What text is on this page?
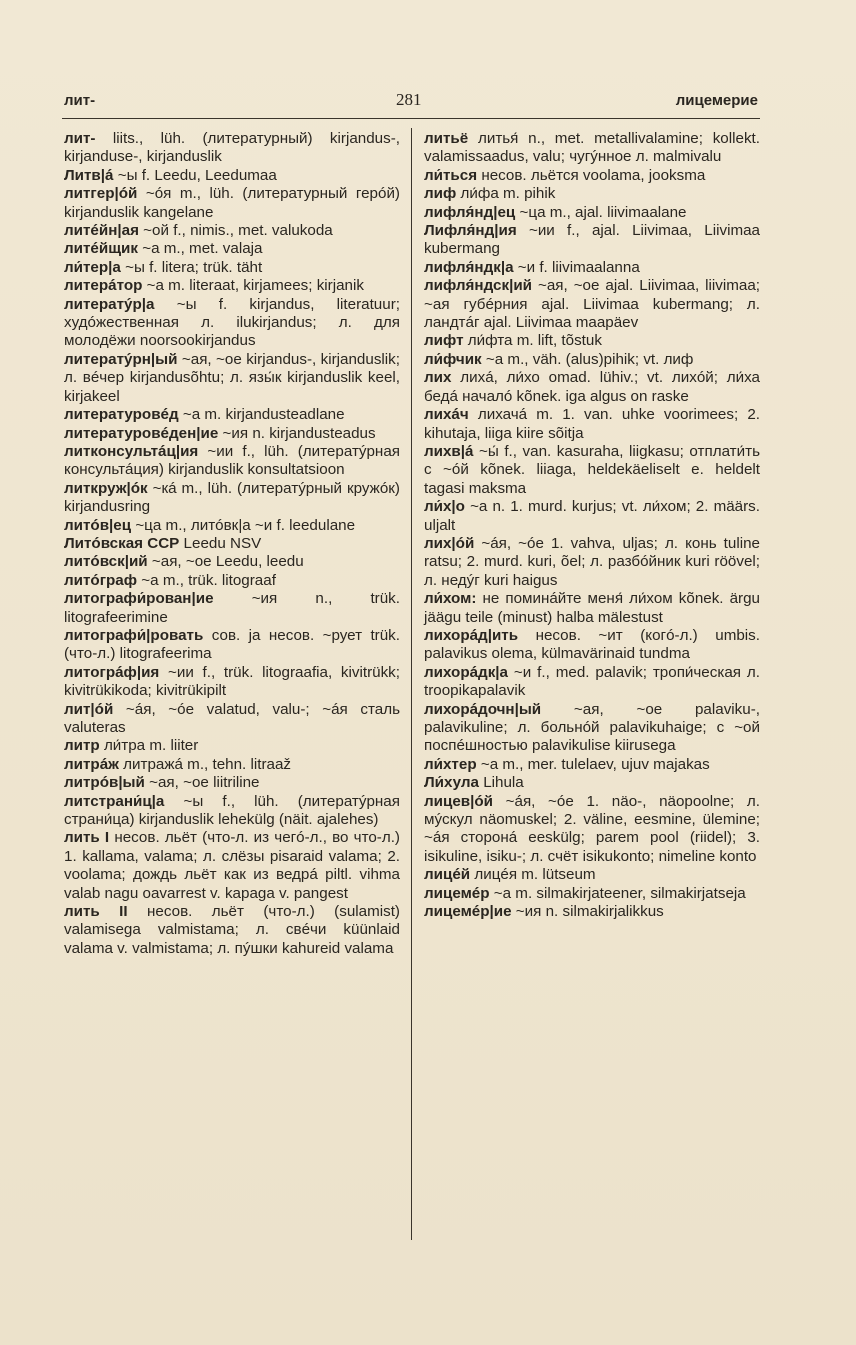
лит-	281	лицемерие

лит- liits., lüh. (литературный) kirjandus-, kirjanduse-, kirjanduslik

Литв|á ~ы f. Leedu, Leedumaa

литгер|óй ~óя m., lüh. (литературный герóй) kirjanduslik kangelane

литéйн|ая ~ой f., nimis., met. valukoda

литéйщик ~а m., met. valaja

ли́тер|а ~ы f. litera; trük. täht

литерáтор ~а m. literaat, kirjamees; kirjanik

литератýр|а ~ы f. kirjandus, literatuur; худóжественная л. ilukirjandus; л. для молодёжи noorsookirjandus

литератýрн|ый ~ая, ~ое kirjandus-, kirjanduslik; л. вéчер kirjandusõhtu; л. язы́к kirjanduslik keel, kirjakeel

литературовéд ~а m. kirjandusteadlane

литературовéден|ие ~ия n. kirjandusteadus

литконсультáц|ия ~ии f., lüh. (литератýрная консультáция) kirjanduslik konsultatsioon

литкруж|óк ~кá m., lüh. (литератýрный кружóк) kirjandusring

литóв|ец ~ца m., литóвк|а ~и f. leedulane

Литóвская ССР Leedu NSV

литóвск|ий ~ая, ~ое Leedu, leedu

литóграф ~а m., trük. litograaf

литографи́рован|ие	~ия n., trük. litografeerimine

литографи́|ровать сов. ja несов. ~рует trük. (что-л.) litografeerima

литогрáф|ия ~ии f., trük. litograafia, kivitrükk; kivitrükikoda; kivitrükipilt

лит|óй ~áя, ~óе valatud, valu-; ~áя сталь valuteras

литр ли́тра m. liiter

литрáж литражá m., tehn. litraaž

литрóв|ый ~ая, ~ое liitriline

литстрани́ц|а ~ы f., lüh. (литератýрная страни́ца) kirjanduslik lehekülg (näit. ajalehes)

лить I несов. льёт (что-л. из чегó-л., во что-л.) 1. kallama, valama; л. слёзы pisaraid valama; 2. voolama; дождь льёт как из ведрá piltl. vihma valab nagu oavarrest v. kapaga v. pangest

лить II несов. льёт (что-л.) (sulamist) valamisega valmistama; л. свéчи küünlaid valama v. valmistama; л. пýшки kahureid valama

литьё литья́ n., met. metallivalamine; kollekt. valamissaadus, valu; чугýнное л. malmivalu

ли́ться несов. льётся voolama, jooksma

лиф ли́фа m. pihik

лифля́нд|ец ~ца m., ajal. liivimaalane

Лифля́нд|ия ~ии f., ajal. Liivimaa, Liivimaa kubermang

лифля́ндк|а ~и f. liivimaalanna

лифля́ндск|ий ~ая, ~ое ajal. Liivimaa, liivimaa; ~ая губéрния ajal. Liivimaa kubermang; л. ландтáг ajal. Liivimaa maapäev

лифт ли́фта m. lift, tõstuk

ли́фчик ~а m., väh. (alus)pihik; vt. лиф

лих лихá, ли́хо omad. lühiv.; vt. лихóй; ли́ха бедá началó kõnek. iga algus on raske

лихáч лихачá m. 1. van. uhke voorimees; 2. kihutaja, liiga kiire sõitja

лихв|á ~ы́ f., van. kasuraha, liigkasu; отплати́ть с ~óй kõnek. liiaga, heldekäeliselt e. heldelt tagasi maksma

ли́х|о ~а n. 1. murd. kurjus; vt. ли́хом; 2. määrs. uljalt

лих|óй ~áя, ~óе 1. vahva, uljas; л. конь tuline ratsu; 2. murd. kuri, õel; л. разбóйник kuri röövel; л. недýг kuri haigus

ли́хом: не поминáйте меня́ ли́хом kõnek. ärgu jäägu teile (minust) halba mälestust

лихорáд|ить несов. ~ит (когó-л.) umbis. palavikus olema, külmavärinaid tundma

лихорáдк|а ~и f., med. palavik; тропи́ческая л. troopikapalavik

лихорáдочн|ый ~ая, ~ое palaviku-, palavikuline; л. больнóй palavikuhaige; с ~ой поспéшностью palavikulise kiirusega

ли́хтер ~а m., mer. tulelaev, ujuv majakas

Ли́хула Lihula

лицев|óй ~áя, ~óе 1. näo-, näopoolne; л. мýскул näomuskel; 2. väline, eesmine, ülemine; ~áя сторонá eeskülg; parem pool (riidel); 3. isikuline, isiku-; л. счёт isikukonto; nimeline konto

лицéй лицéя m. lütseum

лицемéр ~а m. silmakirjateener, silmakirjatseja

лицемéр|ие ~ия n. silmakirjalikkus
